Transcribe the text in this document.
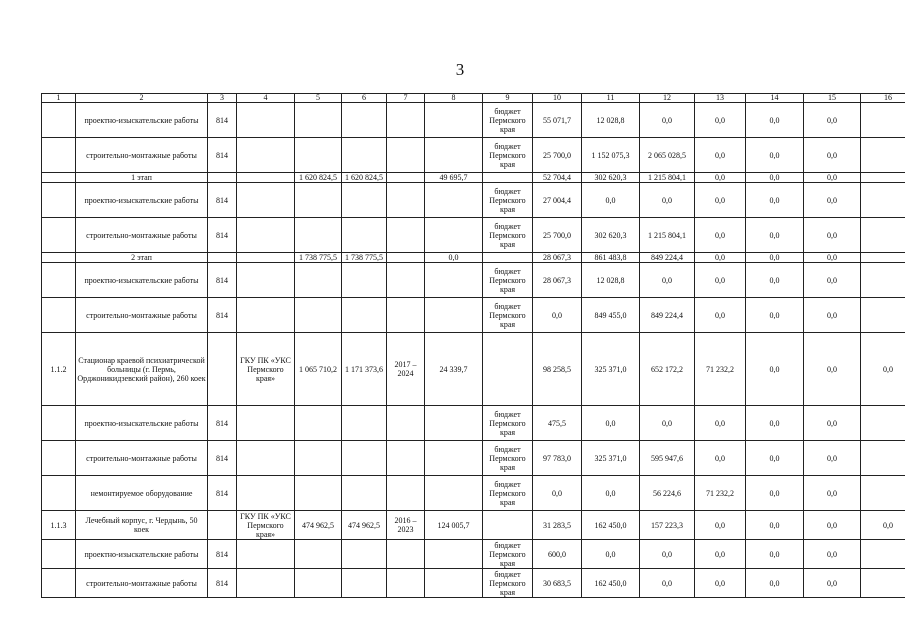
3
1	2	3	4	5	6	7	8	9	10	11	12	13	14	15	16
	проектно-изыскательские работы	814						бюджет Пермского края	55 071,7	12 028,8	0,0	0,0	0,0	0,0	
	строительно-монтажные работы	814						бюджет Пермского края	25 700,0	1 152 075,3	2 065 028,5	0,0	0,0	0,0	
	1 этап			1 620 824,5	1 620 824,5		49 695,7		52 704,4	302 620,3	1 215 804,1	0,0	0,0	0,0	
	проектно-изыскательские работы	814						бюджет Пермского края	27 004,4	0,0	0,0	0,0	0,0	0,0	
	строительно-монтажные работы	814						бюджет Пермского края	25 700,0	302 620,3	1 215 804,1	0,0	0,0	0,0	
	2 этап			1 738 775,5	1 738 775,5		0,0		28 067,3	861 483,8	849 224,4	0,0	0,0	0,0	
	проектно-изыскательские работы	814						бюджет Пермского края	28 067,3	12 028,8	0,0	0,0	0,0	0,0	
	строительно-монтажные работы	814						бюджет Пермского края	0,0	849 455,0	849 224,4	0,0	0,0	0,0	
1.1.2	Стационар краевой психиатрической больницы (г. Пермь, Орджоникидзевский район), 260 коек		ГКУ ПК «УКС Пермского края»	1 065 710,2	1 171 373,6	2017 – 2024	24 339,7		98 258,5	325 371,0	652 172,2	71 232,2	0,0	0,0	0,0
	проектно-изыскательские работы	814						бюджет Пермского края	475,5	0,0	0,0	0,0	0,0	0,0	
	строительно-монтажные работы	814						бюджет Пермского края	97 783,0	325 371,0	595 947,6	0,0	0,0	0,0	
	немонтируемое оборудование	814						бюджет Пермского края	0,0	0,0	56 224,6	71 232,2	0,0	0,0	
1.1.3	Лечебный корпус, г. Чердынь, 50 коек		ГКУ ПК «УКС Пермского края»	474 962,5	474 962,5	2016 – 2023	124 005,7		31 283,5	162 450,0	157 223,3	0,0	0,0	0,0	0,0
	проектно-изыскательские работы	814						бюджет Пермского края	600,0	0,0	0,0	0,0	0,0	0,0	
	строительно-монтажные работы	814						бюджет Пермского края	30 683,5	162 450,0	0,0	0,0	0,0	0,0	
